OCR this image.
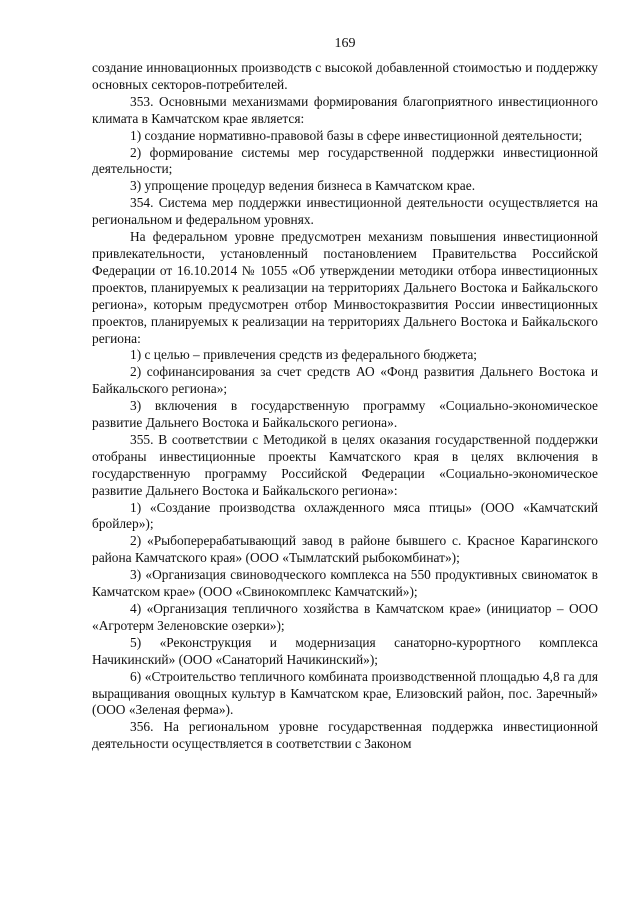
169

создание инновационных производств с высокой добавленной стоимостью и поддержку основных секторов-потребителей.

353. Основными механизмами формирования благоприятного инвестиционного климата в Камчатском крае является:

1) создание нормативно-правовой базы в сфере инвестиционной деятельности;

2) формирование системы мер государственной поддержки инвестиционной деятельности;

3) упрощение процедур ведения бизнеса в Камчатском крае.

354. Система мер поддержки инвестиционной деятельности осуществляется на региональном и федеральном уровнях.

На федеральном уровне предусмотрен механизм повышения инвестиционной привлекательности, установленный постановлением Правительства Российской Федерации от 16.10.2014 № 1055 «Об утверждении методики отбора инвестиционных проектов, планируемых к реализации на территориях Дальнего Востока и Байкальского региона», которым предусмотрен отбор Минвостокразвития России инвестиционных проектов, планируемых к реализации на территориях Дальнего Востока и Байкальского региона:

1) с целью – привлечения средств из федерального бюджета;

2) софинансирования за счет средств АО «Фонд развития Дальнего Востока и Байкальского региона»;

3) включения в государственную программу «Социально-экономическое развитие Дальнего Востока и Байкальского региона».

355. В соответствии с Методикой в целях оказания государственной поддержки отобраны инвестиционные проекты Камчатского края в целях включения в государственную программу Российской Федерации «Социально-экономическое развитие Дальнего Востока и Байкальского региона»:

1) «Создание производства охлажденного мяса птицы» (ООО «Камчатский бройлер»);

2) «Рыбоперерабатывающий завод в районе бывшего с. Красное Карагинского района Камчатского края» (ООО «Тымлатский рыбокомбинат»);

3) «Организация свиноводческого комплекса на 550 продуктивных свиноматок в Камчатском крае» (ООО «Свинокомплекс Камчатский»);

4) «Организация тепличного хозяйства в Камчатском крае» (инициатор – ООО «Агротерм Зеленовские озерки»);

5) «Реконструкция и модернизация санаторно-курортного комплекса Начикинский» (ООО «Санаторий Начикинский»);

6) «Строительство тепличного комбината производственной площадью 4,8 га для выращивания овощных культур в Камчатском крае, Елизовский район, пос. Заречный» (ООО «Зеленая ферма»).

356. На региональном уровне государственная поддержка инвестиционной деятельности осуществляется в соответствии с Законом
